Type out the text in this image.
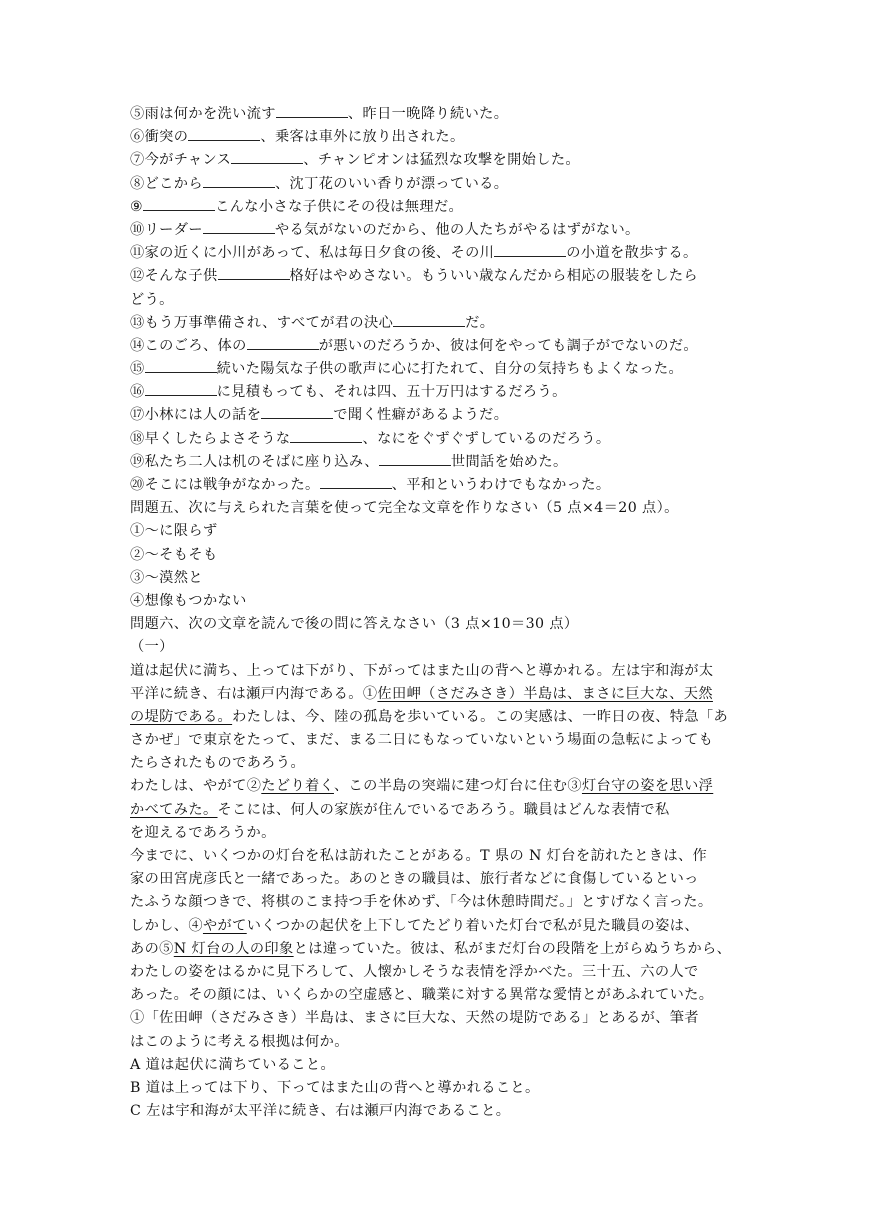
⑤雨は何かを洗い流す	、昨日一晩降り続いた。
⑥衝突の	、乗客は車外に放り出された。
⑦今がチャンス	、チャンピオンは猛烈な攻撃を開始した。
⑧どこから	、沈丁花のいい香りが漂っている。
⑨	こんな小さな子供にその役は無理だ。
⑩リーダー	やる気がないのだから、他の人たちがやるはずがない。
⑪家の近くに小川があって、私は毎日夕食の後、その川	の小道を散歩する。
⑫そんな子供	格好はやめさない。もういい歳なんだから相応の服装をしたら
どう。
⑬もう万事準備され、すべてが君の決心	だ。
⑭このごろ、体の	が悪いのだろうか、彼は何をやっても調子がでないのだ。
⑮	続いた陽気な子供の歌声に心に打たれて、自分の気持ちもよくなった。
⑯	に見積もっても、それは四、五十万円はするだろう。
⑰小林には人の話を	で聞く性癖があるようだ。
⑱早くしたらよさそうな	、なにをぐずぐずしているのだろう。
⑲私たち二人は机のそばに座り込み、	世間話を始めた。
⑳そこには戦争がなかった。	、平和というわけでもなかった。
問題五、次に与えられた言葉を使って完全な文章を作りなさい（5 点×4＝20 点）。
①～に限らず
②～そもそも
③～漠然と
④想像もつかない
問題六、次の文章を読んで後の問に答えなさい（3 点×10＝30 点）
（一）
道は起伏に満ち、上っては下がり、下がってはまた山の背へと導かれる。左は宇和海が太
平洋に続き、右は瀬戸内海である。①佐田岬（さだみさき）半島は、まさに巨大な、天然
の堤防である。わたしは、今、陸の孤島を歩いている。この実感は、一昨日の夜、特急「あ
さかぜ」で東京をたって、まだ、まる二日にもなっていないという場面の急転によっても
たらされたものであろう。
わたしは、やがて②たどり着く、この半島の突端に建つ灯台に住む③灯台守の姿を思い浮
かべてみた。そこには、何人の家族が住んでいるであろう。職員はどんな表情で私
を迎えるであろうか。
今までに、いくつかの灯台を私は訪れたことがある。T 県の N 灯台を訪れたときは、作
家の田宮虎彦氏と一緒であった。あのときの職員は、旅行者などに食傷しているといっ
たふうな顔つきで、将棋のこま持つ手を休めず、「今は休憩時間だ。」とすげなく言った。
しかし、④やがていくつかの起伏を上下してたどり着いた灯台で私が見た職員の姿は、
あの⑤N 灯台の人の印象とは違っていた。彼は、私がまだ灯台の段階を上がらぬうちから、
わたしの姿をはるかに見下ろして、人懐かしそうな表情を浮かべた。三十五、六の人で
あった。その顔には、いくらかの空虚感と、職業に対する異常な愛情とがあふれていた。
①「佐田岬（さだみさき）半島は、まさに巨大な、天然の堤防である」とあるが、筆者
はこのように考える根拠は何か。
A 道は起伏に満ちていること。
B 道は上っては下り、下ってはまた山の背へと導かれること。
C 左は宇和海が太平洋に続き、右は瀬戸内海であること。
